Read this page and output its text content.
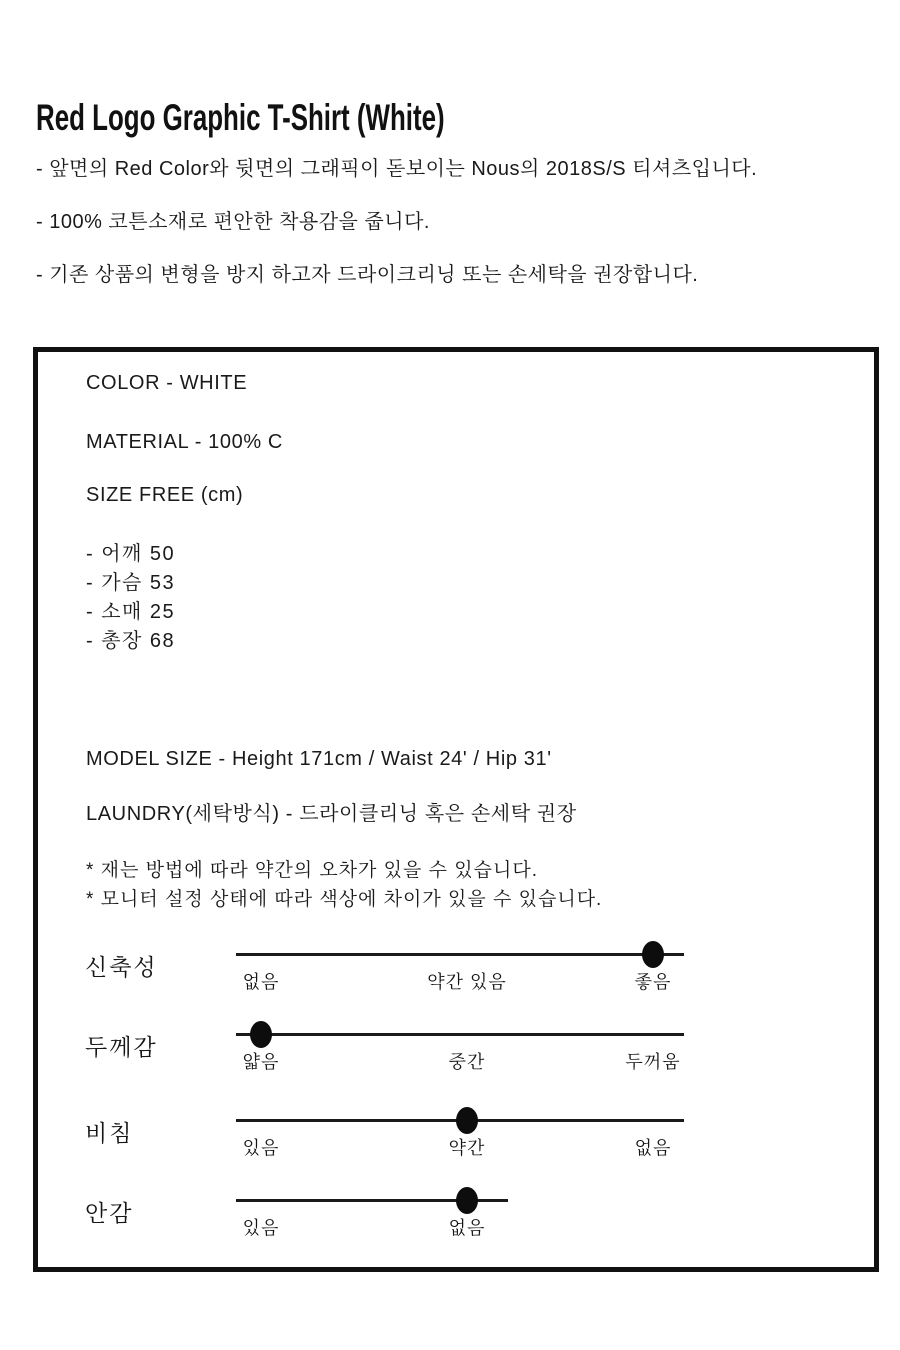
Red Logo Graphic T-Shirt (White)
- 앞면의 Red Color와 뒷면의 그래픽이 돋보이는 Nous의 2018S/S 티셔츠입니다.
- 100% 코튼소재로 편안한 착용감을 줍니다.
- 기존 상품의 변형을 방지 하고자 드라이크리닝 또는 손세탁을 권장합니다.
COLOR - WHITE
MATERIAL - 100% C
SIZE FREE (cm)
- 어깨 50
- 가슴 53
- 소매 25
- 총장 68
MODEL SIZE - Height 171cm / Waist 24' / Hip 31'
LAUNDRY(세탁방식) - 드라이클리닝 혹은 손세탁 권장
* 재는 방법에 따라 약간의 오차가 있을 수 있습니다.
* 모니터 설정 상태에 따라 색상에 차이가 있을 수 있습니다.
신축성
없음	약간 있음	좋음
두께감
얇음	중간	두꺼움
비침
있음	약간	없음
안감
있음	없음
